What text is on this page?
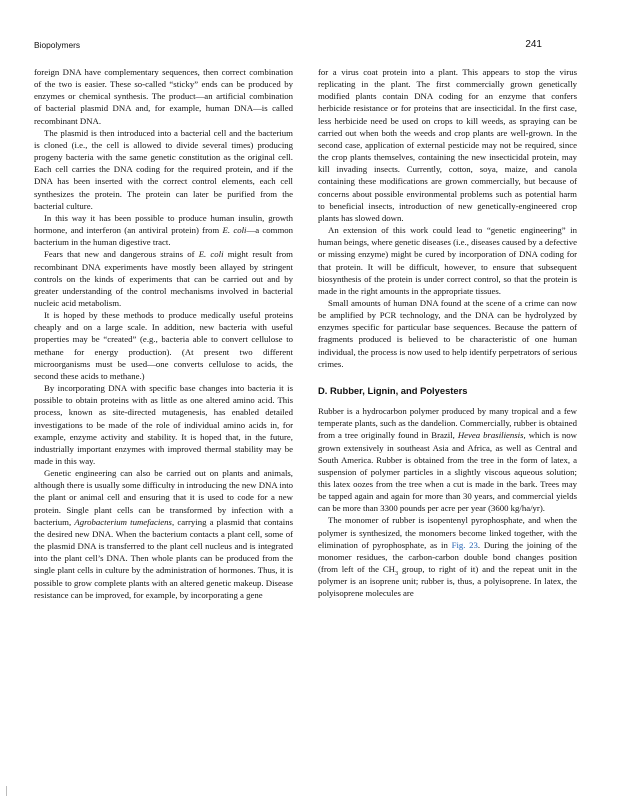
Biopolymers	241

foreign DNA have complementary sequences, then correct combination of the two is easier. These so-called “sticky” ends can be produced by enzymes or chemical synthesis. The product—an artificial combination of bacterial plasmid DNA and, for example, human DNA—is called recombinant DNA.

The plasmid is then introduced into a bacterial cell and the bacterium is cloned (i.e., the cell is allowed to divide several times) producing progeny bacteria with the same genetic constitution as the original cell. Each cell carries the DNA coding for the required protein, and if the DNA has been inserted with the correct control elements, each cell synthesizes the protein. The protein can later be purified from the bacterial culture.

In this way it has been possible to produce human insulin, growth hormone, and interferon (an antiviral protein) from E. coli—a common bacterium in the human digestive tract.

Fears that new and dangerous strains of E. coli might result from recombinant DNA experiments have mostly been allayed by stringent controls on the kinds of experiments that can be carried out and by greater understanding of the control mechanisms involved in bacterial nucleic acid metabolism.

It is hoped by these methods to produce medically useful proteins cheaply and on a large scale. In addition, new bacteria with useful properties may be “created” (e.g., bacteria able to convert cellulose to methane for energy production). (At present two different microorganisms must be used—one converts cellulose to acids, the second these acids to methane.)

By incorporating DNA with specific base changes into bacteria it is possible to obtain proteins with as little as one altered amino acid. This process, known as site-directed mutagenesis, has enabled detailed investigations to be made of the role of individual amino acids in, for example, enzyme activity and stability. It is hoped that, in the future, industrially important enzymes with improved thermal stability may be made in this way.

Genetic engineering can also be carried out on plants and animals, although there is usually some difficulty in introducing the new DNA into the plant or animal cell and ensuring that it is used to code for a new protein. Single plant cells can be transformed by infection with a bacterium, Agrobacterium tumefaciens, carrying a plasmid that contains the desired new DNA. When the bacterium contacts a plant cell, some of the plasmid DNA is transferred to the plant cell nucleus and is integrated into the plant cell’s DNA. Then whole plants can be produced from the single plant cells in culture by the administration of hormones. Thus, it is possible to grow complete plants with an altered genetic makeup. Disease resistance can be improved, for example, by incorporating a gene

for a virus coat protein into a plant. This appears to stop the virus replicating in the plant. The first commercially grown genetically modified plants contain DNA coding for an enzyme that confers herbicide resistance or for proteins that are insecticidal. In the first case, less herbicide need be used on crops to kill weeds, as spraying can be carried out when both the weeds and crop plants are well-grown. In the second case, application of external pesticide may not be required, since the crop plants themselves, containing the new insecticidal protein, may kill invading insects. Currently, cotton, soya, maize, and canola containing these modifications are grown commercially, but because of concerns about possible environmental problems such as potential harm to beneficial insects, introduction of new genetically-engineered crop plants has slowed down.

An extension of this work could lead to “genetic engineering” in human beings, where genetic diseases (i.e., diseases caused by a defective or missing enzyme) might be cured by incorporation of DNA coding for that protein. It will be difficult, however, to ensure that subsequent biosynthesis of the protein is under correct control, so that the protein is made in the right amounts in the appropriate tissues.

Small amounts of human DNA found at the scene of a crime can now be amplified by PCR technology, and the DNA can be hydrolyzed by enzymes specific for particular base sequences. Because the pattern of fragments produced is believed to be characteristic of one human individual, the process is now used to help identify perpetrators of serious crimes.

D. Rubber, Lignin, and Polyesters

Rubber is a hydrocarbon polymer produced by many tropical and a few temperate plants, such as the dandelion. Commercially, rubber is obtained from a tree originally found in Brazil, Hevea brasiliensis, which is now grown extensively in southeast Asia and Africa, as well as Central and South America. Rubber is obtained from the tree in the form of latex, a suspension of polymer particles in a slightly viscous aqueous solution; this latex oozes from the tree when a cut is made in the bark. Trees may be tapped again and again for more than 30 years, and commercial yields can be more than 3300 pounds per acre per year (3600 kg/ha/yr).

The monomer of rubber is isopentenyl pyrophosphate, and when the polymer is synthesized, the monomers become linked together, with the elimination of pyrophosphate, as in Fig. 23. During the joining of the monomer residues, the carbon-carbon double bond changes position (from left of the $CH_3$ group, to right of it) and the repeat unit in the polymer is an isoprene unit; rubber is, thus, a polyisoprene. In latex, the polyisoprene molecules are
